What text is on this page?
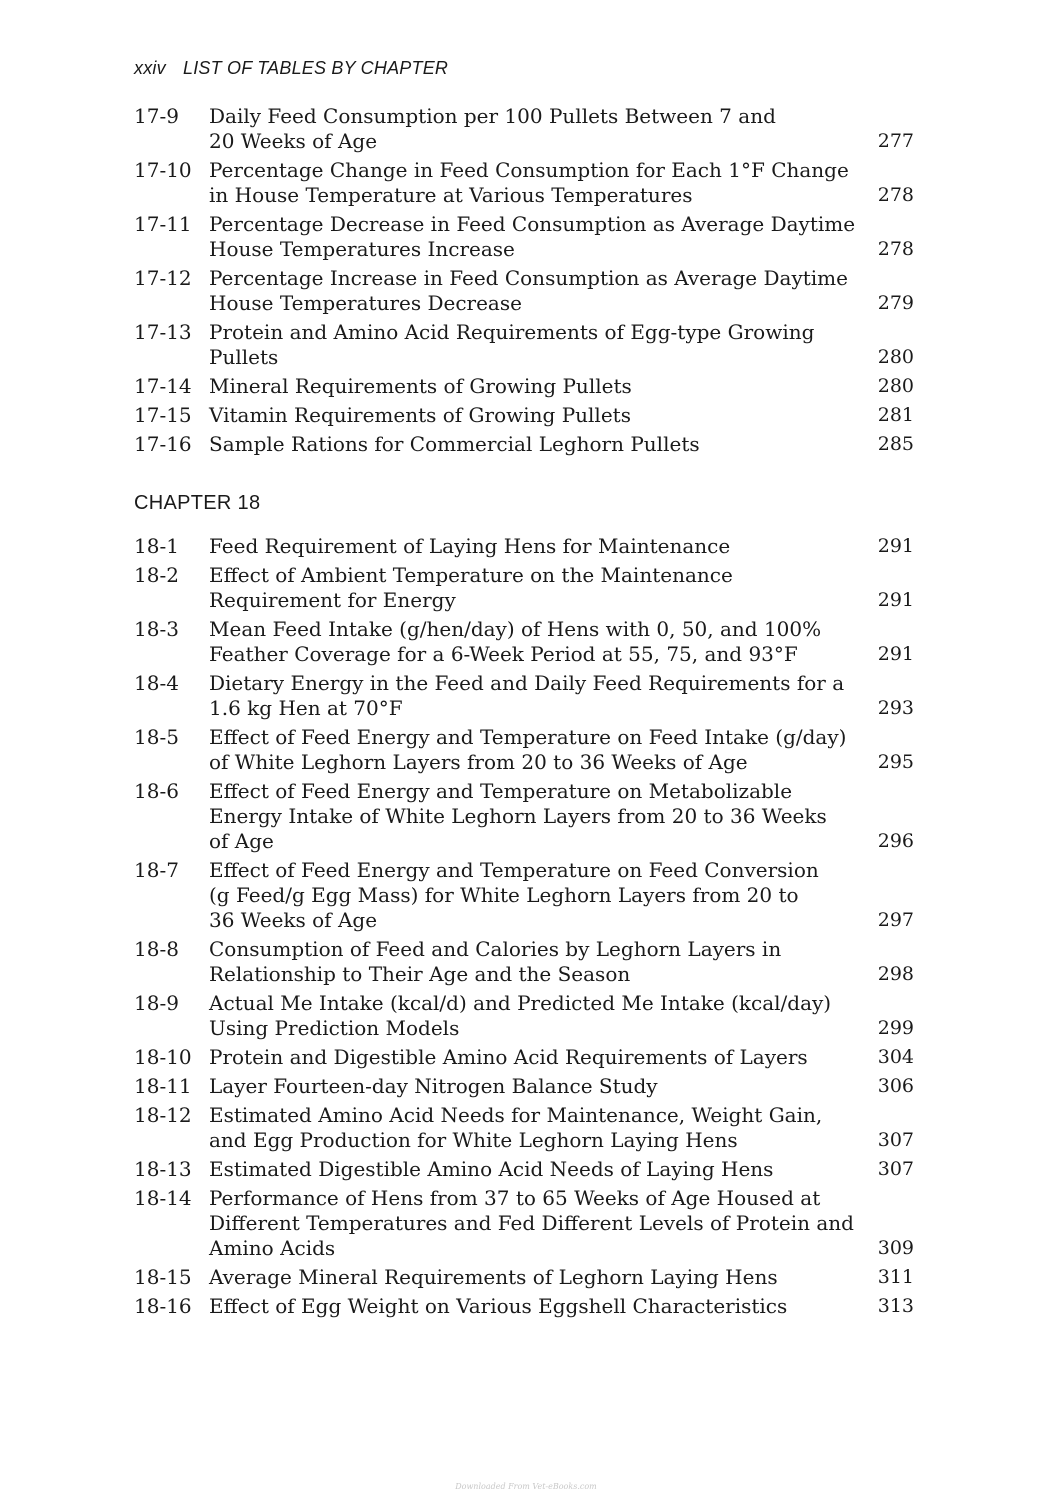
xxiv LIST OF TABLES BY CHAPTER
17-9	Daily Feed Consumption per 100 Pullets Between 7 and
20 Weeks of Age	277
17-10 Percentage Change in Feed Consumption for Each 1°F Change
in House Temperature at Various Temperatures	278
17-11 Percentage Decrease in Feed Consumption as Average Daytime
House Temperatures Increase	278
17-12 Percentage Increase in Feed Consumption as Average Daytime
House Temperatures Decrease	279
17-13 Protein and Amino Acid Requirements of Egg-type Growing
Pullets	280
17-14 Mineral Requirements of Growing Pullets	280
17-15 Vitamin Requirements of Growing Pullets	281
17-16 Sample Rations for Commercial Leghorn Pullets	285
CHAPTER 18
18-1	Feed Requirement of Laying Hens for Maintenance	291
18-2	Effect of Ambient Temperature on the Maintenance
Requirement for Energy	291
18-3	Mean Feed Intake (g/hen/day) of Hens with 0, 50, and 100%
Feather Coverage for a 6-Week Period at 55, 75, and 93°F	291
18-4	Dietary Energy in the Feed and Daily Feed Requirements for a
1.6 kg Hen at 70°F	293
18-5	Effect of Feed Energy and Temperature on Feed Intake (g/day)
of White Leghorn Layers from 20 to 36 Weeks of Age	295
18-6	Effect of Feed Energy and Temperature on Metabolizable
Energy Intake of White Leghorn Layers from 20 to 36 Weeks
of Age	296
18-7	Effect of Feed Energy and Temperature on Feed Conversion
(g Feed/g Egg Mass) for White Leghorn Layers from 20 to
36 Weeks of Age	297
18-8	Consumption of Feed and Calories by Leghorn Layers in
Relationship to Their Age and the Season	298
18-9	Actual Me Intake (kcal/d) and Predicted Me Intake (kcal/day)
Using Prediction Models	299
18-10 Protein and Digestible Amino Acid Requirements of Layers	304
18-11 Layer Fourteen-day Nitrogen Balance Study	306
18-12 Estimated Amino Acid Needs for Maintenance, Weight Gain,
and Egg Production for White Leghorn Laying Hens	307
18-13 Estimated Digestible Amino Acid Needs of Laying Hens	307
18-14 Performance of Hens from 37 to 65 Weeks of Age Housed at
Different Temperatures and Fed Different Levels of Protein and
Amino Acids	309
18-15 Average Mineral Requirements of Leghorn Laying Hens	311
18-16 Effect of Egg Weight on Various Eggshell Characteristics	313
Downloaded From Vet-eBooks.com
